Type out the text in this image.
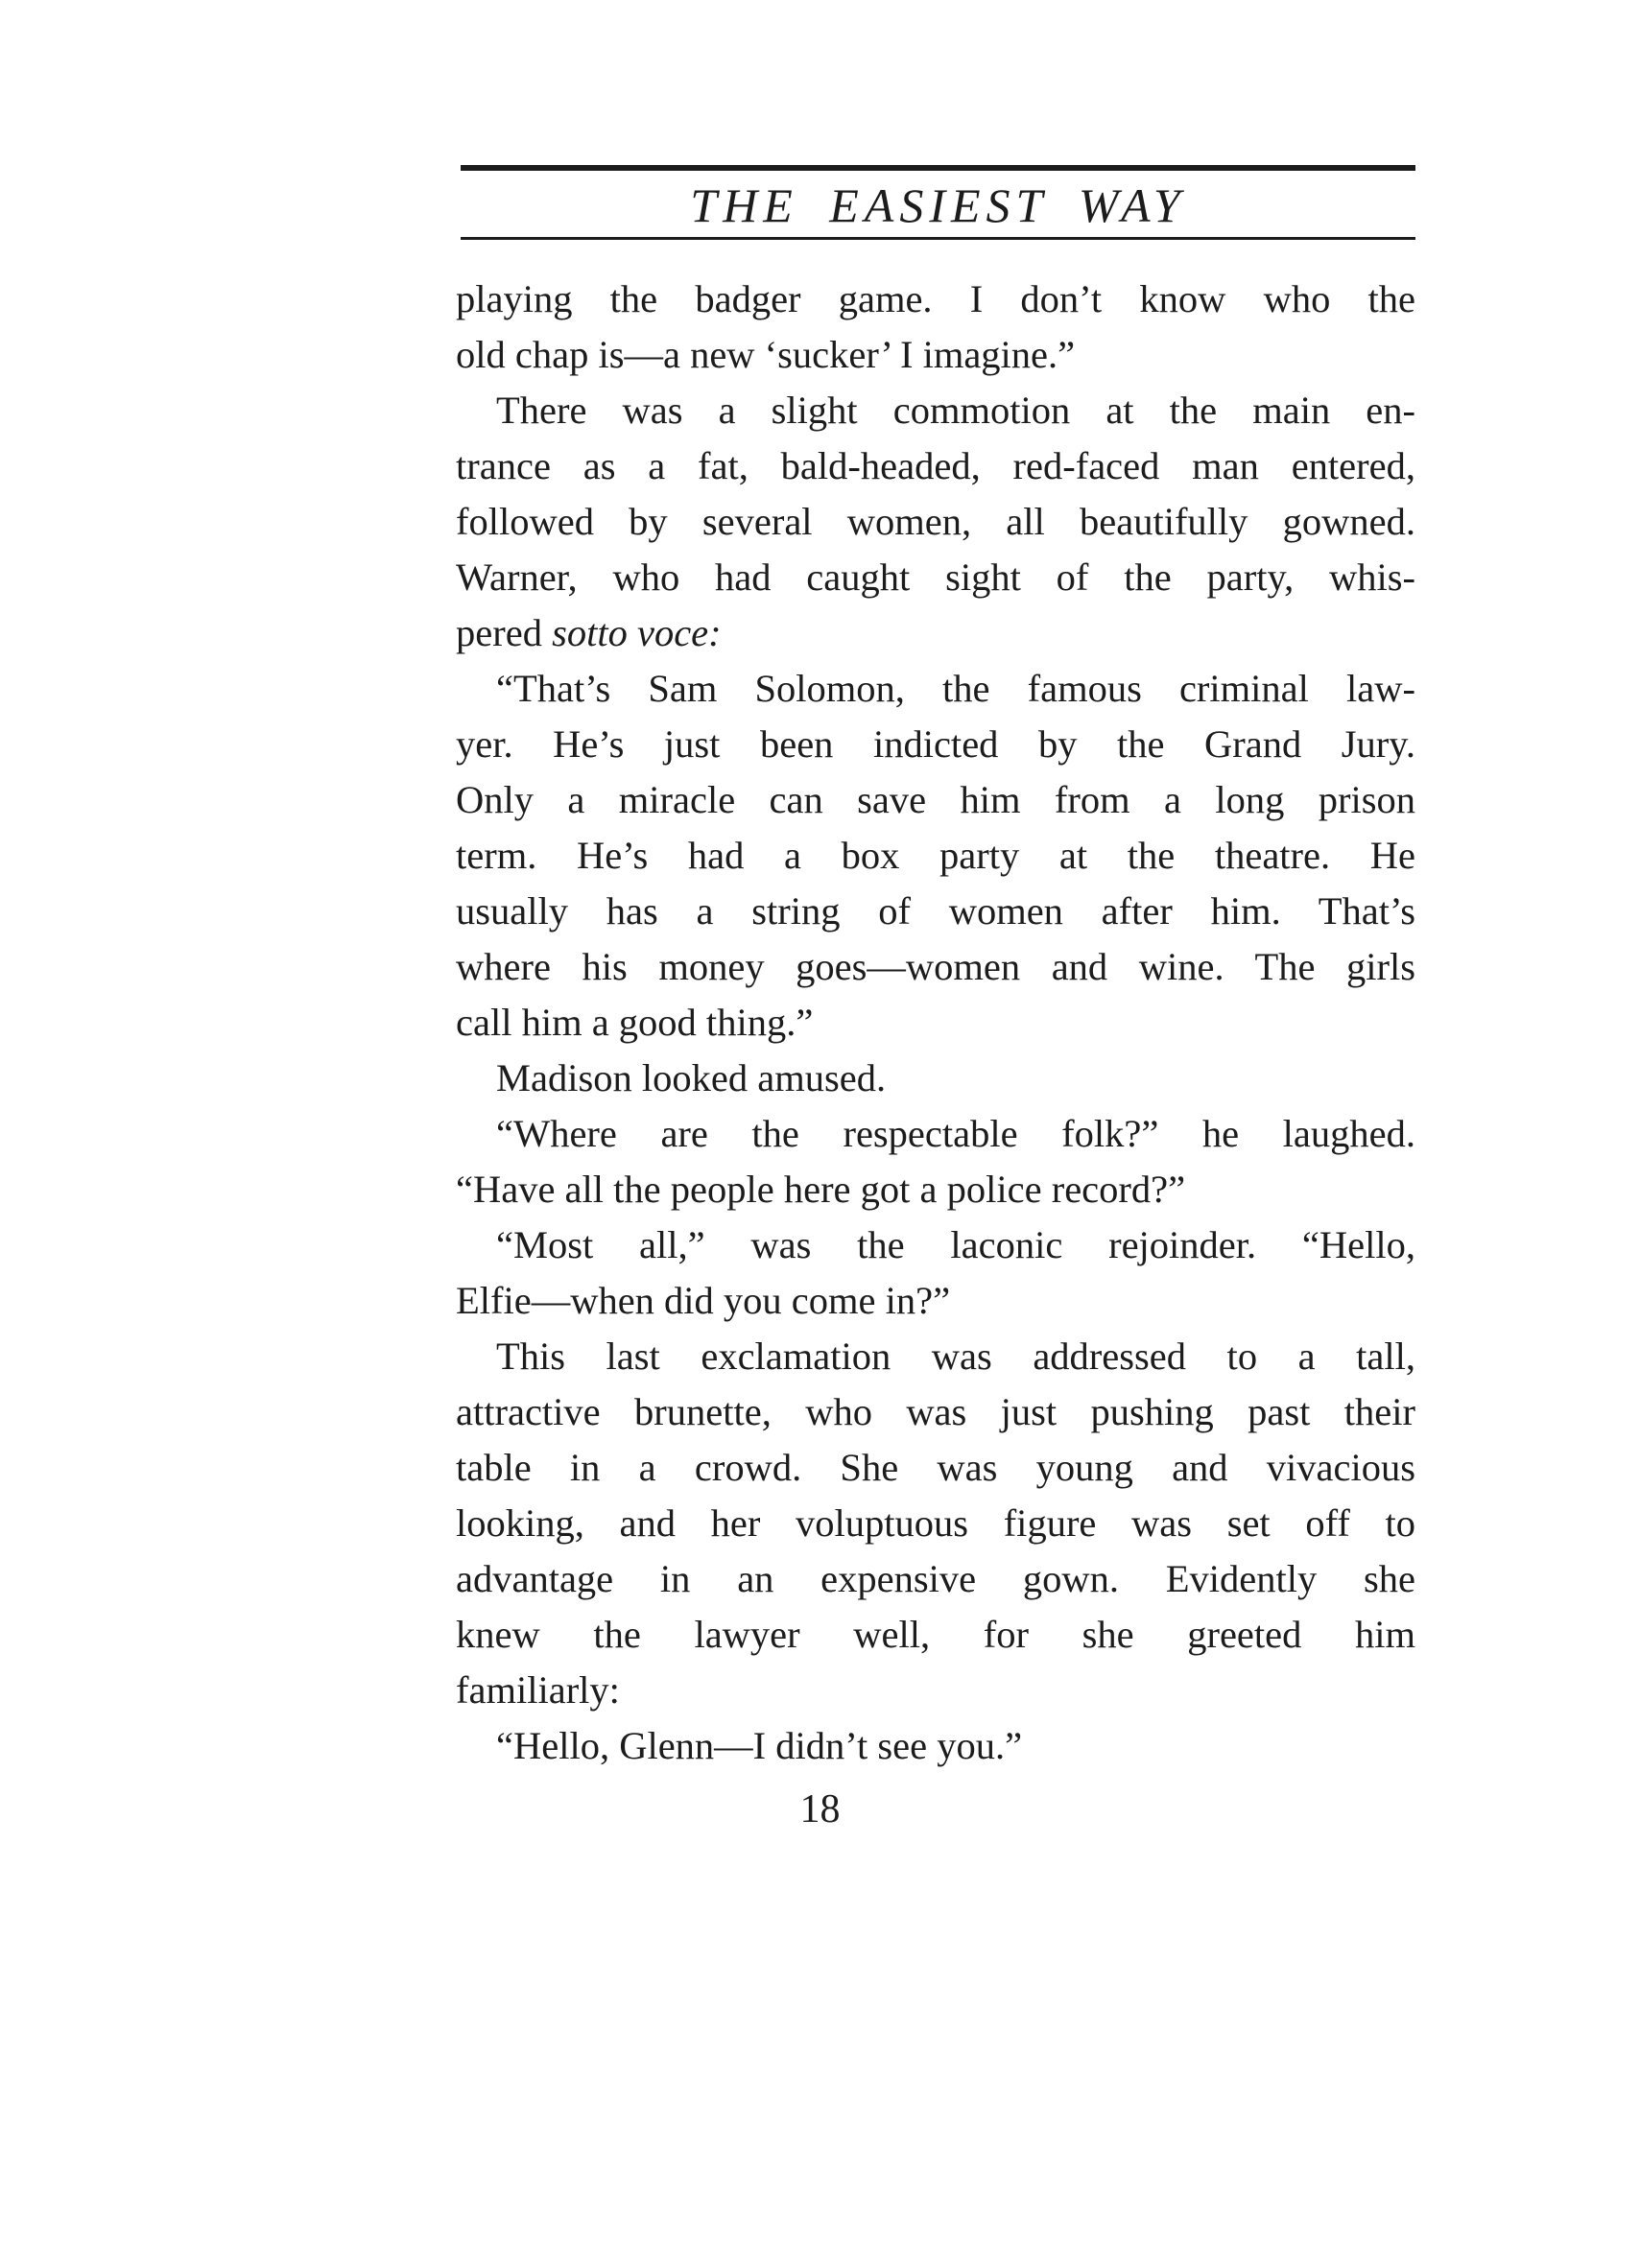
THE EASIEST WAY
playing the badger game. I don’t know who the
old chap is—a new ‘sucker’ I imagine.”
There was a slight commotion at the main en-
trance as a fat, bald-headed, red-faced man entered,
followed by several women, all beautifully gowned.
Warner, who had caught sight of the party, whis-
pered sotto voce:
“That’s Sam Solomon, the famous criminal law-
yer. He’s just been indicted by the Grand Jury.
Only a miracle can save him from a long prison
term. He’s had a box party at the theatre. He
usually has a string of women after him. That’s
where his money goes—women and wine. The girls
call him a good thing.”
Madison looked amused.
“Where are the respectable folk?” he laughed.
“Have all the people here got a police record?”
“Most all,” was the laconic rejoinder. “Hello,
Elfie—when did you come in?”
This last exclamation was addressed to a tall,
attractive brunette, who was just pushing past their
table in a crowd. She was young and vivacious
looking, and her voluptuous figure was set off to
advantage in an expensive gown. Evidently she
knew the lawyer well, for she greeted him
familiarly:
“Hello, Glenn—I didn’t see you.”
18
